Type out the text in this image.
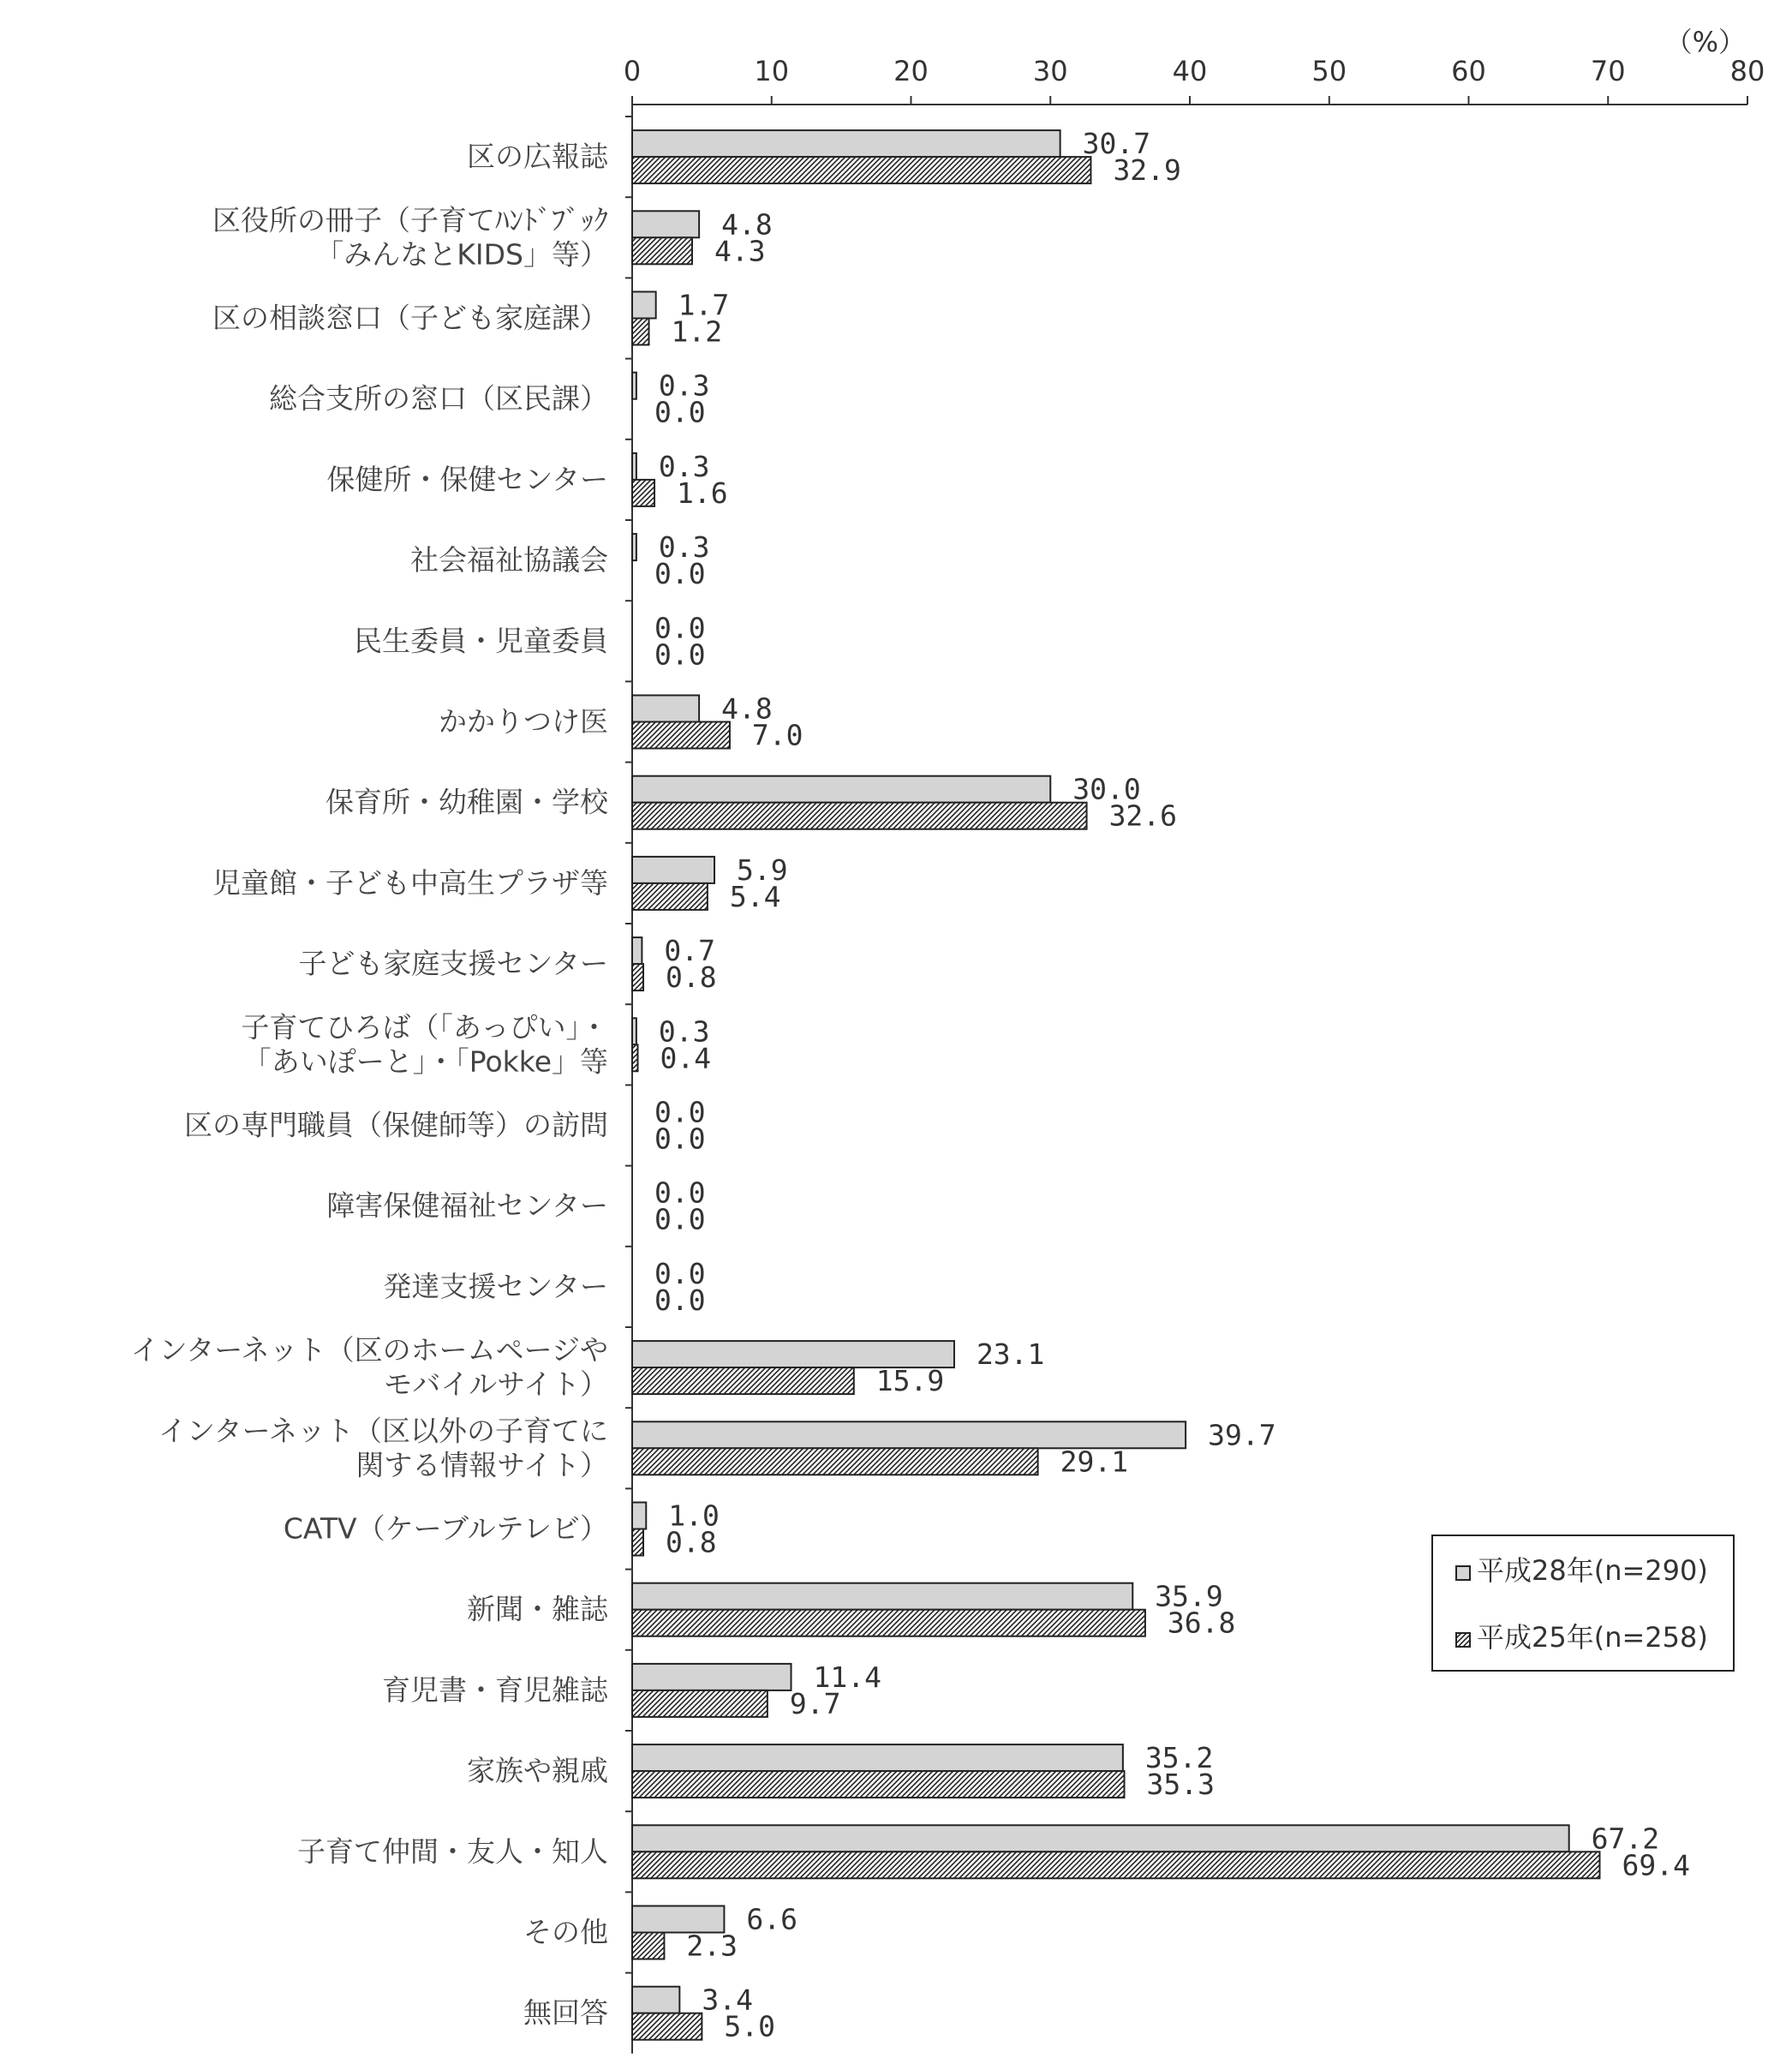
0	10	20	30	40	50	60	70	80
（%）
区の広報誌
区役所の冊子（子育てﾊﾝﾄﾞﾌﾞｯｸ
「みんなとKIDS」等）
区の相談窓口（子ども家庭課）
総合支所の窓口（区民課）
保健所・保健センター
社会福祉協議会
民生委員・児童委員
かかりつけ医
保育所・幼稚園・学校
児童館・子ども中高生プラザ等
子ども家庭支援センター
子育てひろば（「あっぴい」・
「あいぽーと」・「Pokke」等
区の専門職員（保健師等）の訪問
障害保健福祉センター
発達支援センター
インターネット（区のホームページや
モバイルサイト）
インターネット（区以外の子育てに
関する情報サイト）
CATV（ケーブルテレビ）
新聞・雑誌
育児書・育児雑誌
家族や親戚
子育て仲間・友人・知人
その他
無回答
30.7
32.9
4.8
4.3
1.7
1.2
0.3
0.0
0.3
1.6
0.3
0.0
0.0
0.0
4.8
7.0
30.0
32.6
5.9
5.4
0.7
0.8
0.3
0.4
0.0
0.0
0.0
0.0
0.0
0.0
23.1
15.9
39.7
29.1
1.0
0.8
35.9
36.8
11.4
9.7
35.2
35.3
67.2
69.4
6.6
2.3
3.4
5.0
平成28年(n=290)
平成25年(n=258)
